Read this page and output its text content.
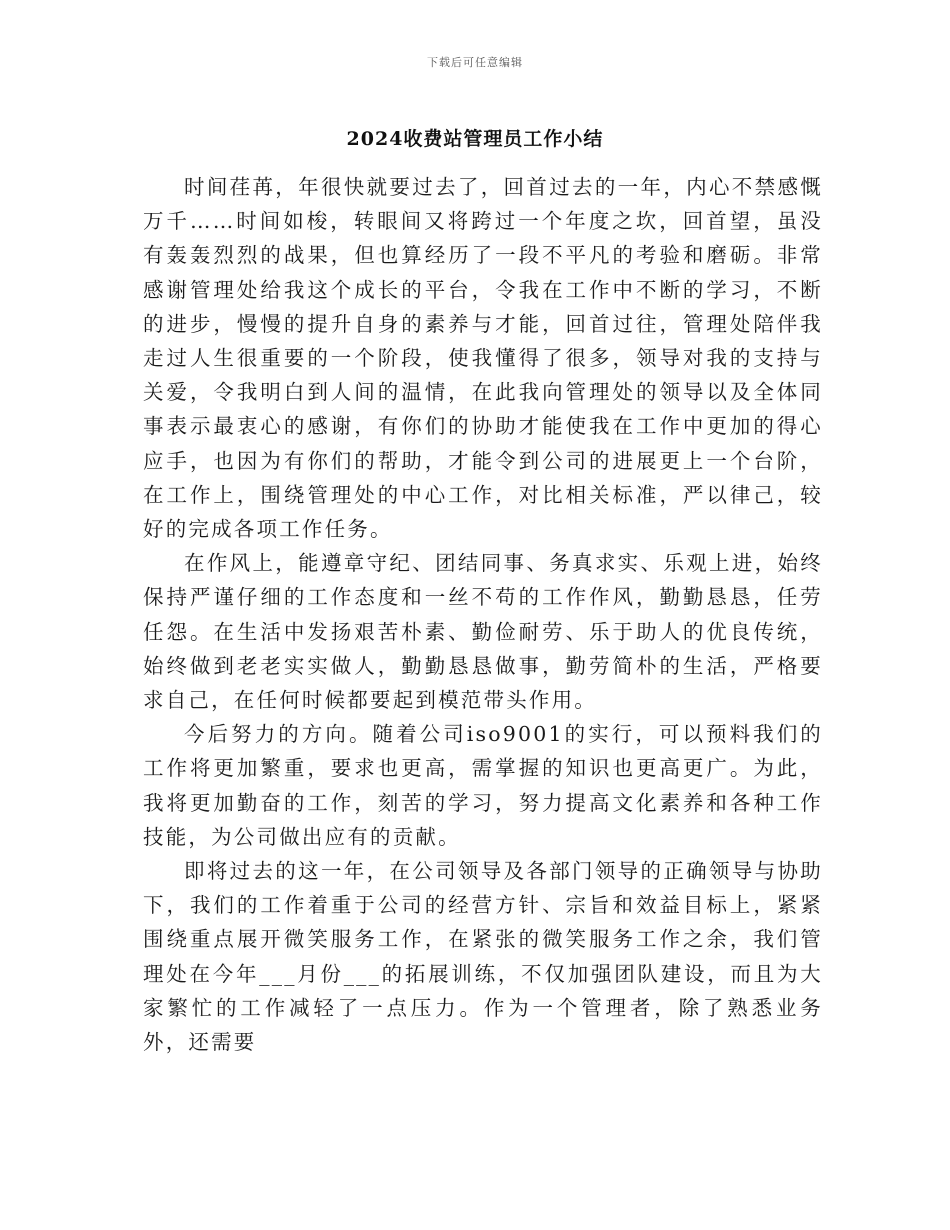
下载后可任意编辑
2024收费站管理员工作小结

时间荏苒，年很快就要过去了，回首过去的一年，内心不禁感慨万千……时间如梭，转眼间又将跨过一个年度之坎，回首望，虽没有轰轰烈烈的战果，但也算经历了一段不平凡的考验和磨砺。非常感谢管理处给我这个成长的平台，令我在工作中不断的学习，不断的进步，慢慢的提升自身的素养与才能，回首过往，管理处陪伴我走过人生很重要的一个阶段，使我懂得了很多，领导对我的支持与关爱，令我明白到人间的温情，在此我向管理处的领导以及全体同事表示最衷心的感谢，有你们的协助才能使我在工作中更加的得心应手，也因为有你们的帮助，才能令到公司的进展更上一个台阶，在工作上，围绕管理处的中心工作，对比相关标准，严以律己，较好的完成各项工作任务。

在作风上，能遵章守纪、团结同事、务真求实、乐观上进，始终保持严谨仔细的工作态度和一丝不苟的工作作风，勤勤恳恳，任劳任怨。在生活中发扬艰苦朴素、勤俭耐劳、乐于助人的优良传统，始终做到老老实实做人，勤勤恳恳做事，勤劳简朴的生活，严格要求自己，在任何时候都要起到模范带头作用。

今后努力的方向。随着公司iso9001的实行，可以预料我们的工作将更加繁重，要求也更高，需掌握的知识也更高更广。为此，我将更加勤奋的工作，刻苦的学习，努力提高文化素养和各种工作技能，为公司做出应有的贡献。

即将过去的这一年，在公司领导及各部门领导的正确领导与协助下，我们的工作着重于公司的经营方针、宗旨和效益目标上，紧紧围绕重点展开微笑服务工作，在紧张的微笑服务工作之余，我们管理处在今年___月份___的拓展训练，不仅加强团队建设，而且为大家繁忙的工作减轻了一点压力。作为一个管理者，除了熟悉业务外，还需要
